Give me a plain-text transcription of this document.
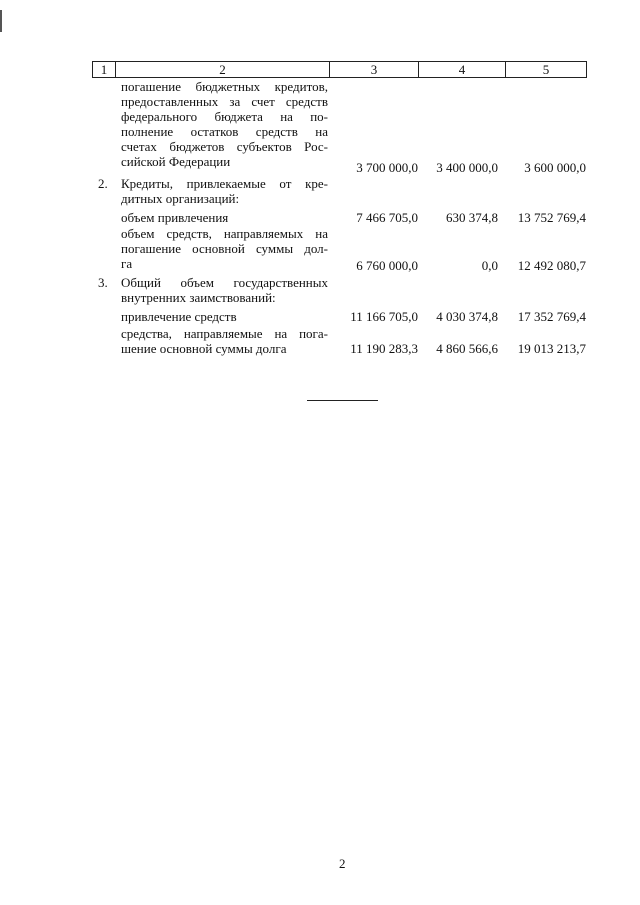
1	2	3	4	5
погашение бюджетных кредитов,
предоставленных за счет средств
федерального бюджета на по-
полнение остатков средств на
счетах бюджетов субъектов Рос-
сийской Федерации	3 700 000,0	3 400 000,0	3 600 000,0
2. Кредиты, привлекаемые от кре-
дитных организаций:
объем привлечения	7 466 705,0	630 374,8	13 752 769,4
объем средств, направляемых на
погашение основной суммы дол-
га	6 760 000,0	0,0	12 492 080,7
3. Общий объем государственных
внутренних заимствований:
привлечение средств	11 166 705,0	4 030 374,8	17 352 769,4
средства, направляемые на пога-
шение основной суммы долга	11 190 283,3	4 860 566,6	19 013 213,7
2
